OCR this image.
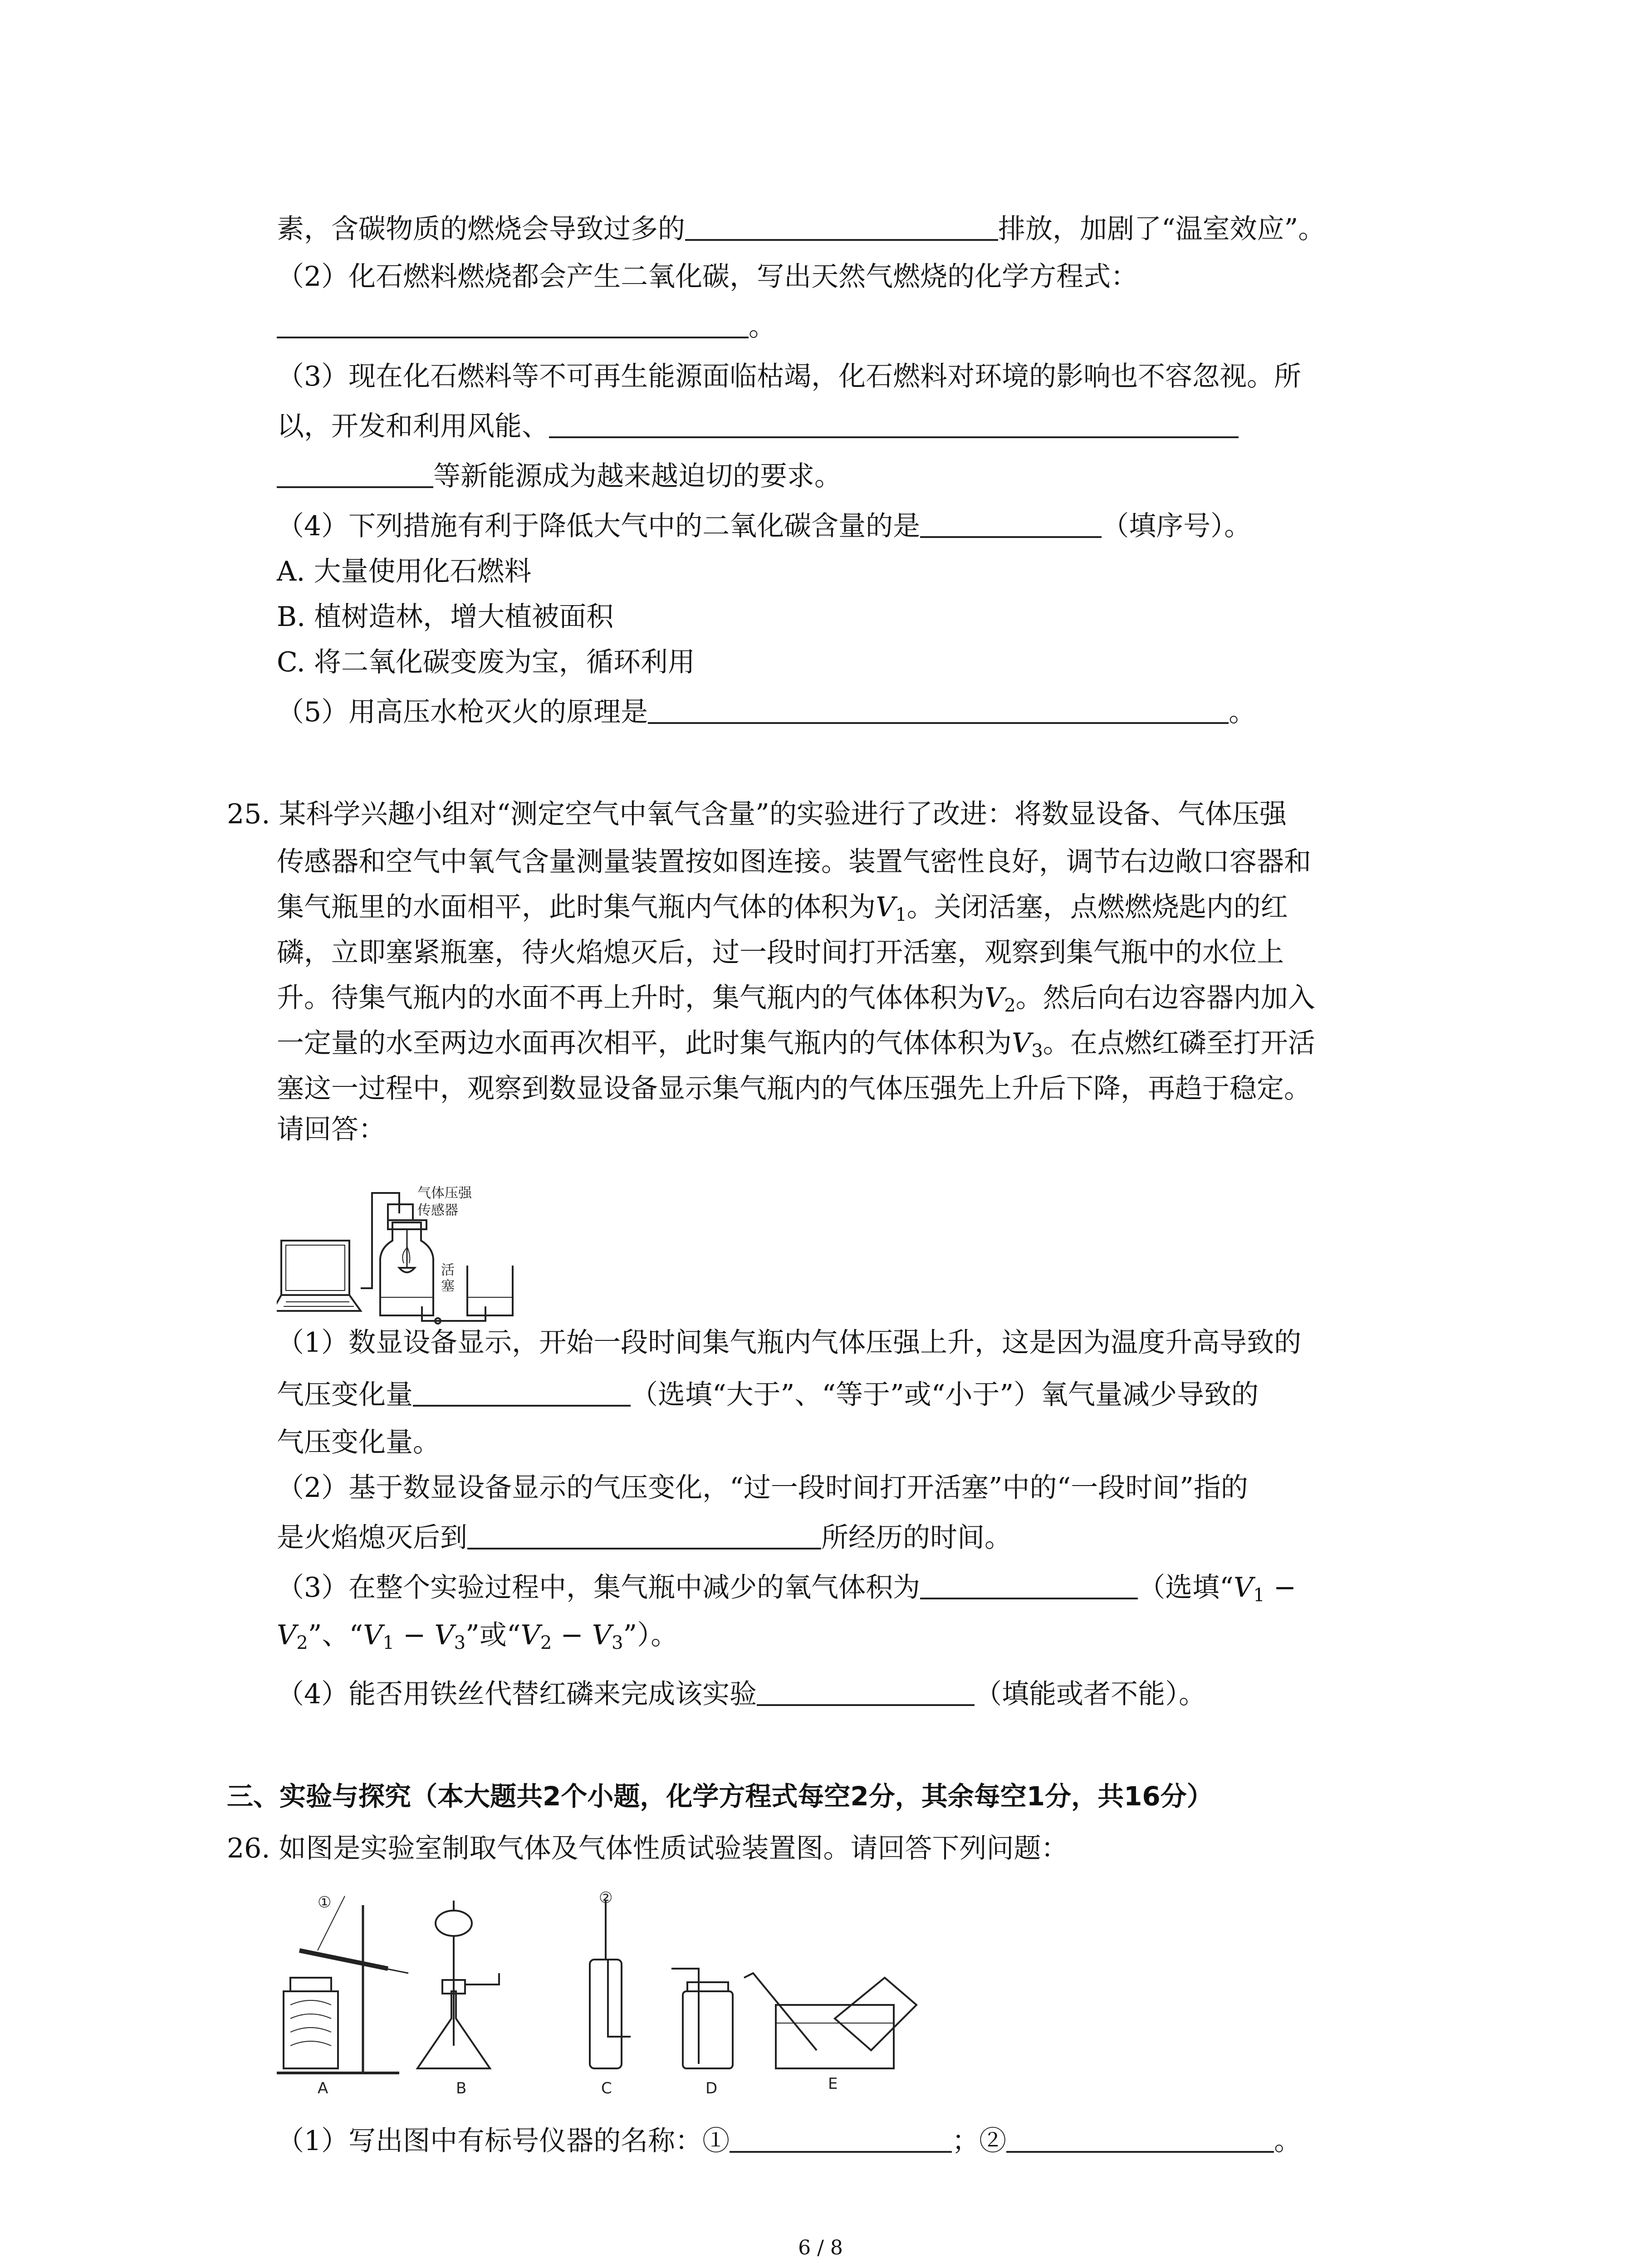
素，含碳物质的燃烧会导致过多的	排放，加剧了“温室效应”。
（2）化石燃料燃烧都会产生二氧化碳，写出天然气燃烧的化学方程式：
。
（3）现在化石燃料等不可再生能源面临枯竭，化石燃料对环境的影响也不容忽视。所
以，开发和利用风能、
等新能源成为越来越迫切的要求。
（4）下列措施有利于降低大气中的二氧化碳含量的是	（填序号）。
A. 大量使用化石燃料
B. 植树造林，增大植被面积
C. 将二氧化碳变废为宝，循环利用
（5）用高压水枪灭火的原理是	。
25. 某科学兴趣小组对“测定空气中氧气含量”的实验进行了改进：将数显设备、气体压强
传感器和空气中氧气含量测量装置按如图连接。装置气密性良好，调节右边敞口容器和
集气瓶里的水面相平，此时集气瓶内气体的体积为$V_1$。关闭活塞，点燃燃烧匙内的红
磷，立即塞紧瓶塞，待火焰熄灭后，过一段时间打开活塞，观察到集气瓶中的水位上
升。待集气瓶内的水面不再上升时，集气瓶内的气体体积为$V_2$。然后向右边容器内加入
一定量的水至两边水面再次相平，此时集气瓶内的气体体积为$V_3$。在点燃红磷至打开活
塞这一过程中，观察到数显设备显示集气瓶内的气体压强先上升后下降，再趋于稳定。
请回答：
气体压强
传感器
活
塞
（1）数显设备显示，开始一段时间集气瓶内气体压强上升，这是因为温度升高导致的
气压变化量	（选填“大于”、“等于”或“小于”）氧气量减少导致的
气压变化量。
（2）基于数显设备显示的气压变化，“过一段时间打开活塞”中的“一段时间”指的
是火焰熄灭后到	所经历的时间。
（3）在整个实验过程中，集气瓶中减少的氧气体积为	（选填“$V_1$ −
$V_2$”、“$V_1 - V_3$”或“$V_2$ − $V_3$”）。
（4）能否用铁丝代替红磷来完成该实验	（填能或者不能）。
三、实验与探究（本大题共2个小题，化学方程式每空2分，其余每空1分，共16分）
26. 如图是实验室制取气体及气体性质试验装置图。请回答下列问题：
①	②
A	B	C	D	E
（1）写出图中有标号仪器的名称：①	；②	。
6 / 8
